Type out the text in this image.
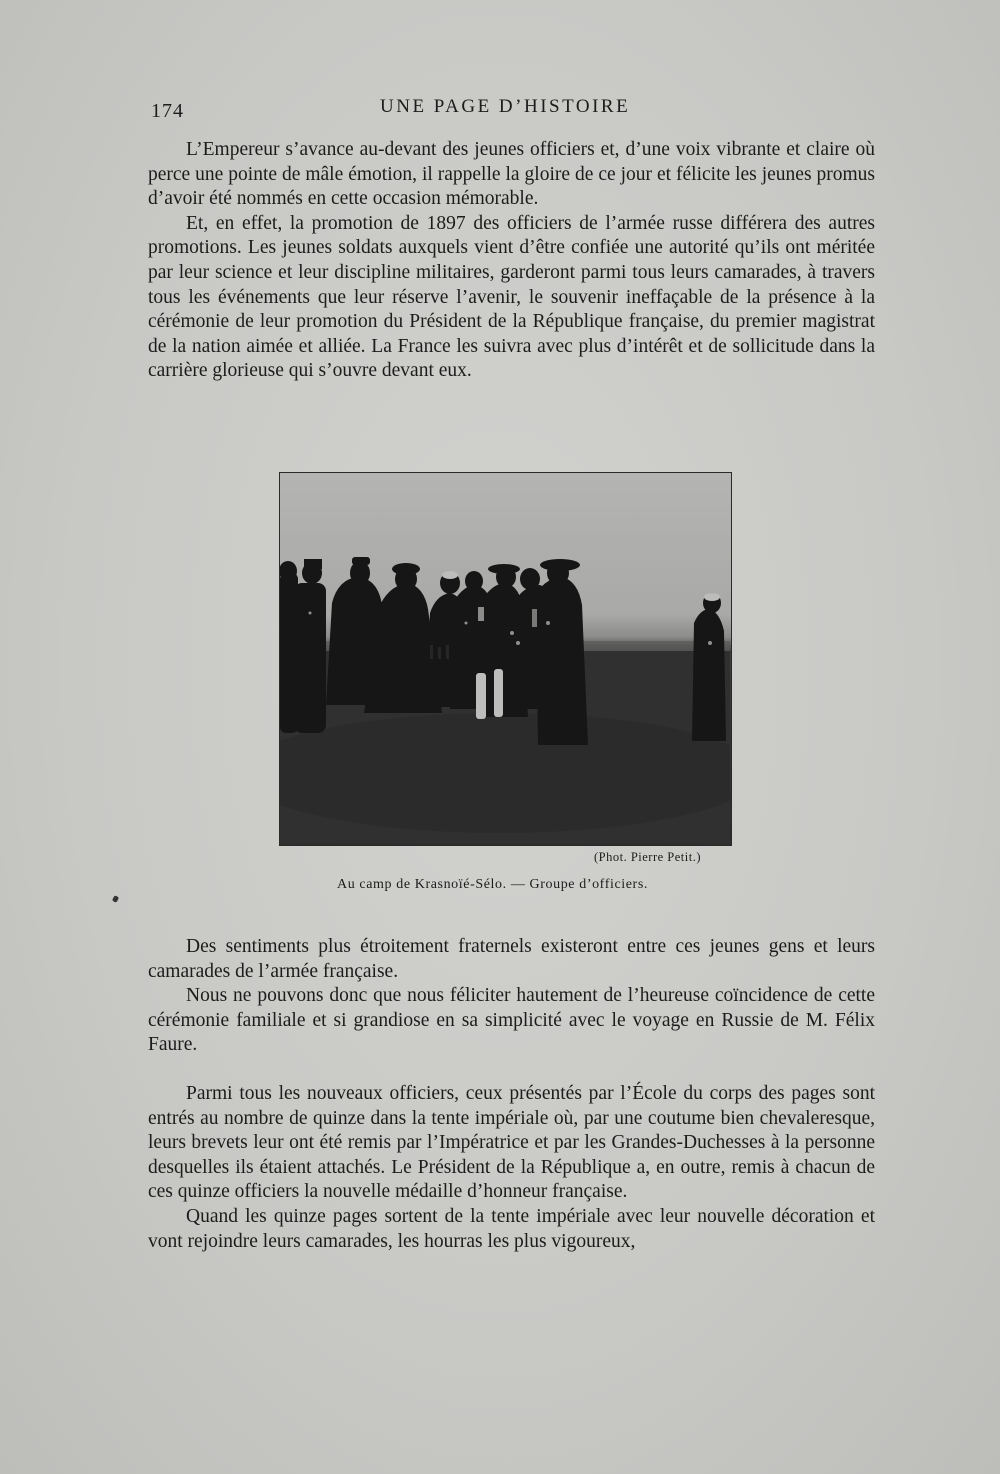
174	UNE PAGE D’HISTOIRE

L’Empereur s’avance au-devant des jeunes officiers et, d’une voix vibrante et claire où perce une pointe de mâle émotion, il rappelle la gloire de ce jour et félicite les jeunes promus d’avoir été nommés en cette occasion mémorable.

Et, en effet, la promotion de 1897 des officiers de l’armée russe différera des autres promotions. Les jeunes soldats auxquels vient d’être confiée une autorité qu’ils ont méritée par leur science et leur discipline militaires, garderont parmi tous leurs camarades, à travers tous les événements que leur réserve l’avenir, le souvenir ineffaçable de la présence à la cérémonie de leur promotion du Président de la République française, du premier magistrat de la nation aimée et alliée. La France les suivra avec plus d’intérêt et de sollicitude dans la carrière glorieuse qui s’ouvre devant eux.

(Phot. Pierre Petit.)
Au camp de Krasnoïé-Sélo. — Groupe d’officiers.

Des sentiments plus étroitement fraternels existeront entre ces jeunes gens et leurs camarades de l’armée française.

Nous ne pouvons donc que nous féliciter hautement de l’heureuse coïncidence de cette cérémonie familiale et si grandiose en sa simplicité avec le voyage en Russie de M. Félix Faure.

Parmi tous les nouveaux officiers, ceux présentés par l’École du corps des pages sont entrés au nombre de quinze dans la tente impériale où, par une coutume bien chevaleresque, leurs brevets leur ont été remis par l’Impératrice et par les Grandes-Duchesses à la personne desquelles ils étaient attachés. Le Président de la République a, en outre, remis à chacun de ces quinze officiers la nouvelle médaille d’honneur française.

Quand les quinze pages sortent de la tente impériale avec leur nouvelle décoration et vont rejoindre leurs camarades, les hourras les plus vigoureux,
